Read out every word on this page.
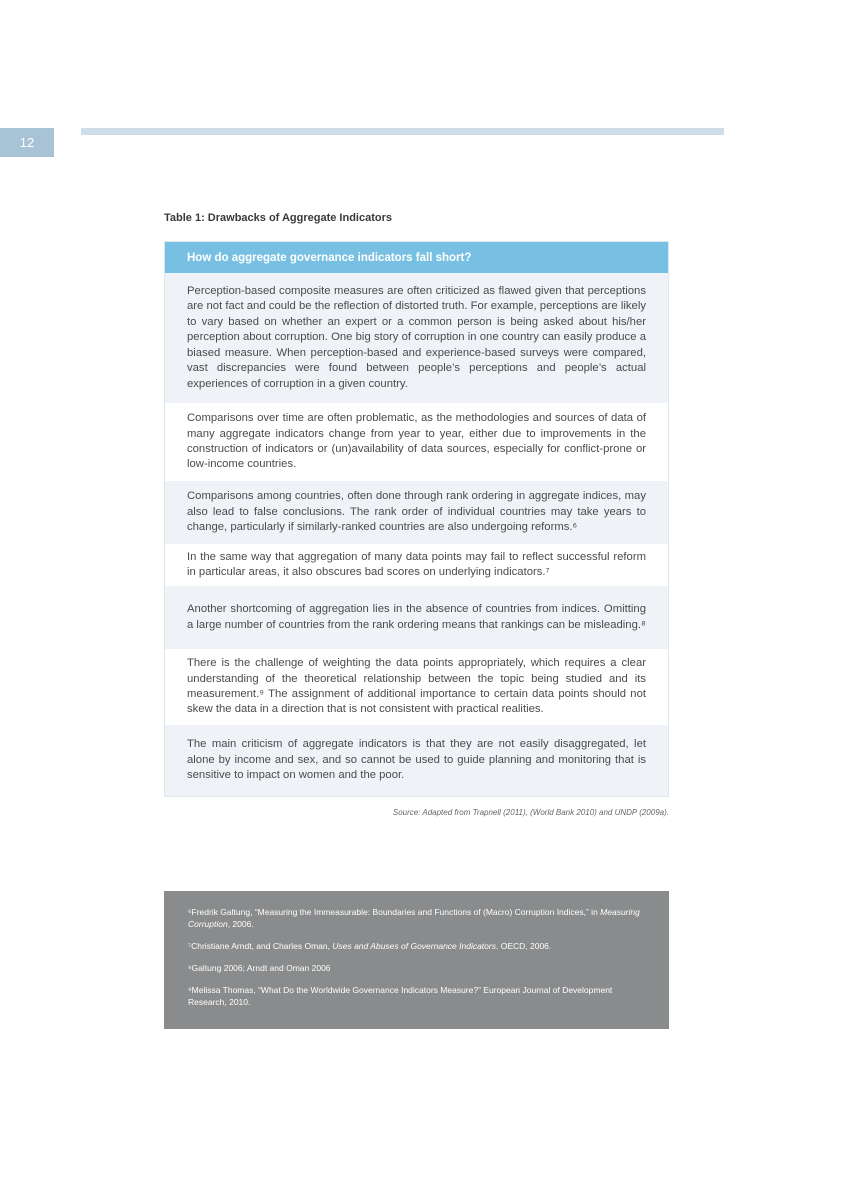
12
Table 1: Drawbacks of Aggregate Indicators
How do aggregate governance indicators fall short?

Perception-based composite measures are often criticized as flawed given that perceptions are not fact and could be the reflection of distorted truth. For example, perceptions are likely to vary based on whether an expert or a common person is being asked about his/her perception about corruption. One big story of corruption in one country can easily produce a biased measure. When perception-based and experience-based surveys were compared, vast discrepancies were found between people’s perceptions and people’s actual experiences of corruption in a given country.

Comparisons over time are often problematic, as the methodologies and sources of data of many aggregate indicators change from year to year, either due to improvements in the construction of indicators or (un)availability of data sources, especially for conflict-prone or low-income countries.

Comparisons among countries, often done through rank ordering in aggregate indices, may also lead to false conclusions. The rank order of individual countries may take years to change, particularly if similarly-ranked countries are also undergoing reforms.⁶

In the same way that aggregation of many data points may fail to reflect successful reform in particular areas, it also obscures bad scores on underlying indicators.⁷

Another shortcoming of aggregation lies in the absence of countries from indices. Omitting a large number of countries from the rank ordering means that rankings can be misleading.⁸

There is the challenge of weighting the data points appropriately, which requires a clear understanding of the theoretical relationship between the topic being studied and its measurement.⁹ The assignment of additional importance to certain data points should not skew the data in a direction that is not consistent with practical realities.

The main criticism of aggregate indicators is that they are not easily disaggregated, let alone by income and sex, and so cannot be used to guide planning and monitoring that is sensitive to impact on women and the poor.

Source: Adapted from Trapnell (2011), (World Bank 2010) and UNDP (2009a).

⁶Fredrik Galtung, “Measuring the Immeasurable: Boundaries and Functions of (Macro) Corruption Indices,” in Measuring Corruption, 2006.

⁷Christiane Arndt, and Charles Oman, Uses and Abuses of Governance Indicators. OECD, 2006.

⁸Galtung 2006; Arndt and Oman 2006

⁹Melissa Thomas, “What Do the Worldwide Governance Indicators Measure?” European Journal of Development Research, 2010.
